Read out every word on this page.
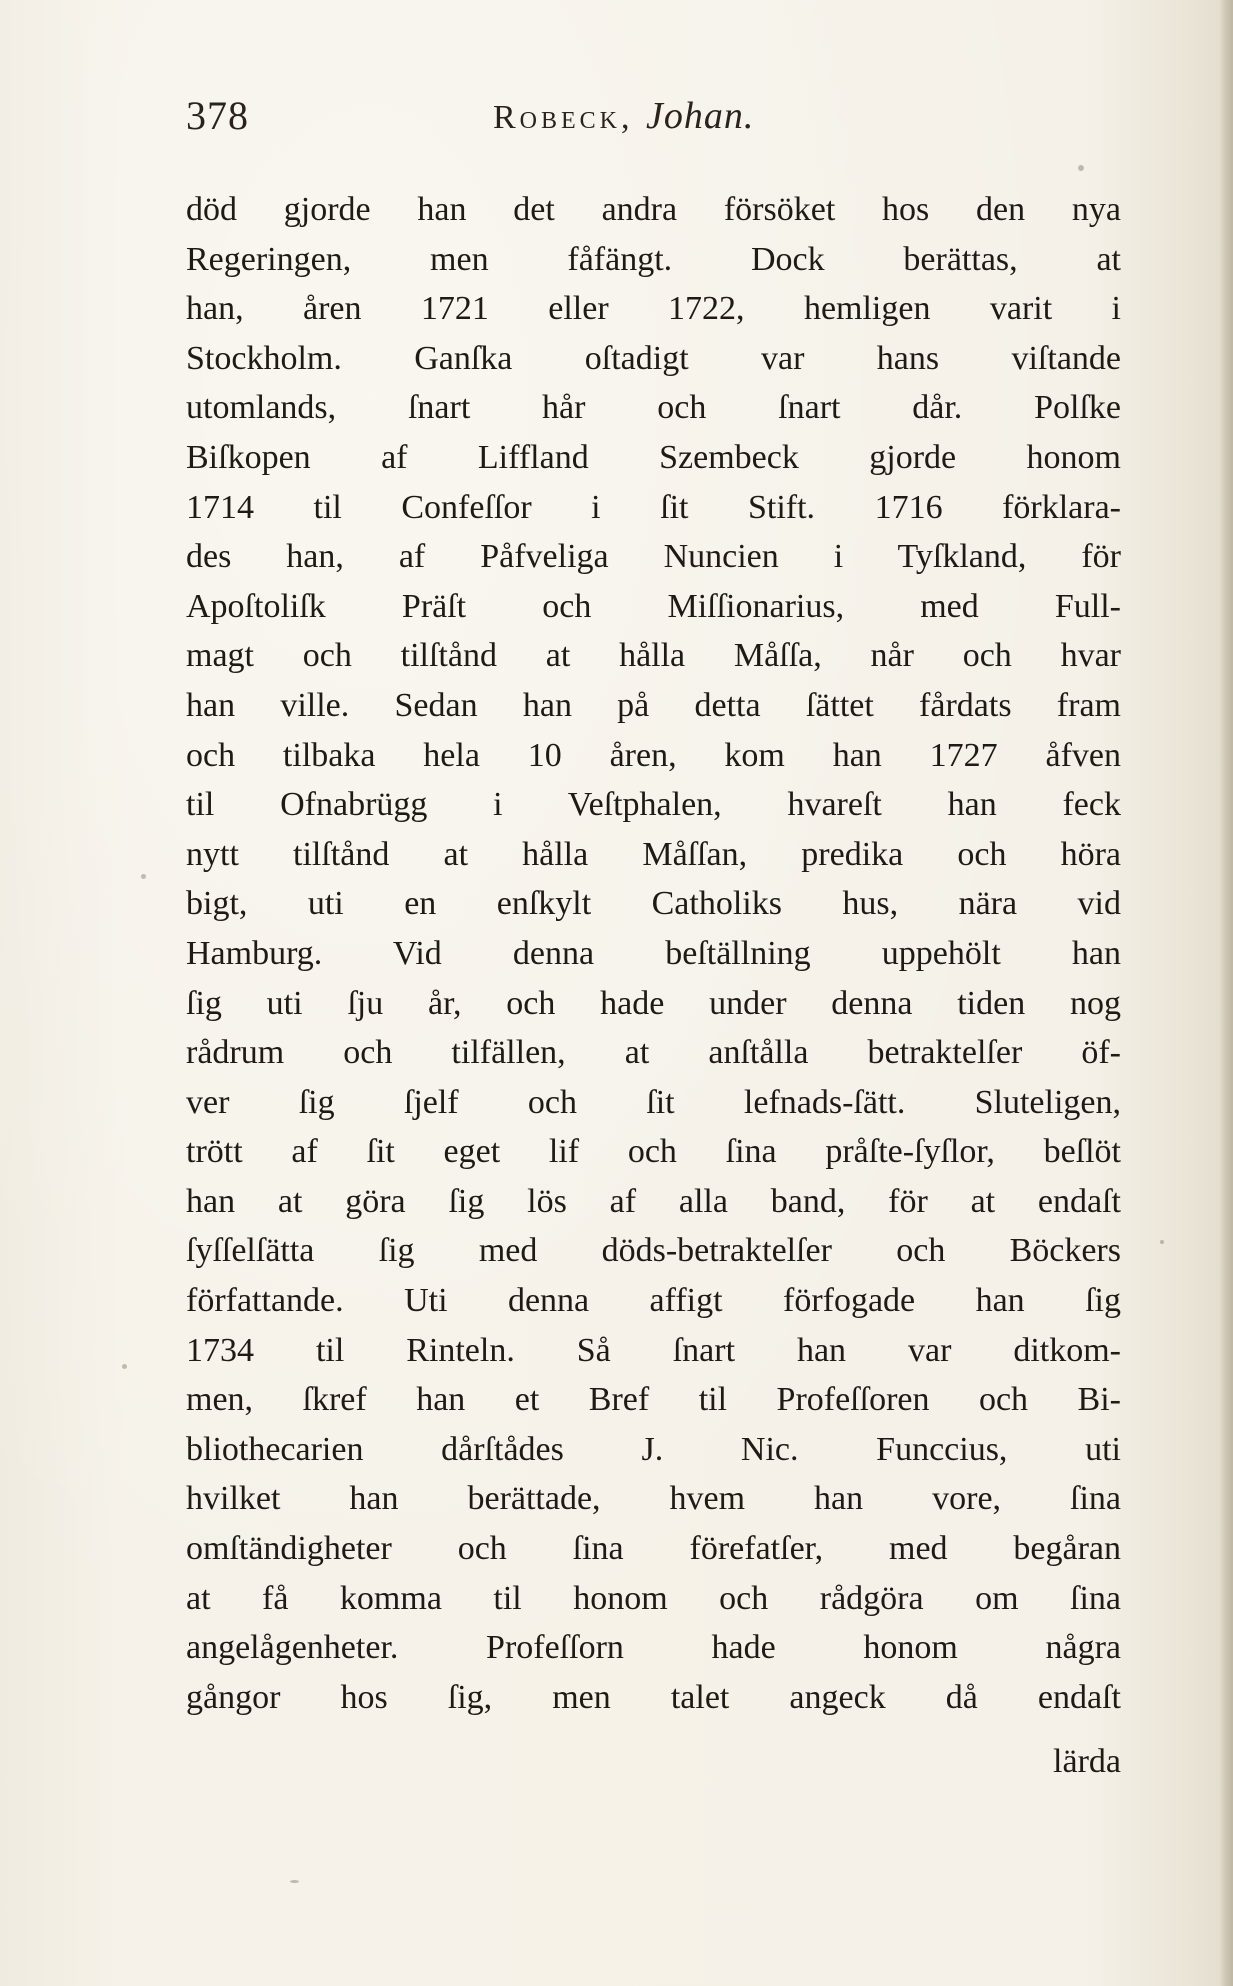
378	Robeck, Johan.
död gjorde han det andra försöket hos den nya
Regeringen, men fåfängt. Dock berättas, at
han, åren 1721 eller 1722, hemligen varit i
Stockholm. Ganſka oſtadigt var hans viſtande
utomlands, ſnart hår och ſnart dår. Polſke
Biſkopen af Liffland Szembeck gjorde honom
1714 til Confeſſor i ſit Stift. 1716 förklara-
des han, af Påfveliga Nuncien i Tyſkland, för
Apoſtoliſk Präſt och Miſſionarius, med Full-
magt och tilſtånd at hålla Måſſa, når och hvar
han ville. Sedan han på detta ſättet fårdats fram
och tilbaka hela 10 åren, kom han 1727 åfven
til Ofnabrügg i Veſtphalen, hvareſt han feck
nytt tilſtånd at hålla Måſſan, predika och höra
bigt, uti en enſkylt Catholiks hus, nära vid
Hamburg. Vid denna beſtällning uppehölt han
ſig uti ſju år, och hade under denna tiden nog
rådrum och tilfällen, at anſtålla betraktelſer öf-
ver ſig ſjelf och ſit lefnads-ſätt. Sluteligen,
trött af ſit eget lif och ſina pråſte-ſyſlor, beſlöt
han at göra ſig lös af alla band, för at endaſt
ſyſſelſätta ſig med döds-betraktelſer och Böckers
författande. Uti denna affigt förfogade han ſig
1734 til Rinteln. Så ſnart han var ditkom-
men, ſkref han et Bref til Profeſſoren och Bi-
bliothecarien dårſtådes J. Nic. Funccius, uti
hvilket han berättade, hvem han vore, ſina
omſtändigheter och ſina förefatſer, med begåran
at få komma til honom och rådgöra om ſina
angelågenheter. Profeſſorn hade honom några
gångor hos ſig, men talet angeck då endaſt
lärda
